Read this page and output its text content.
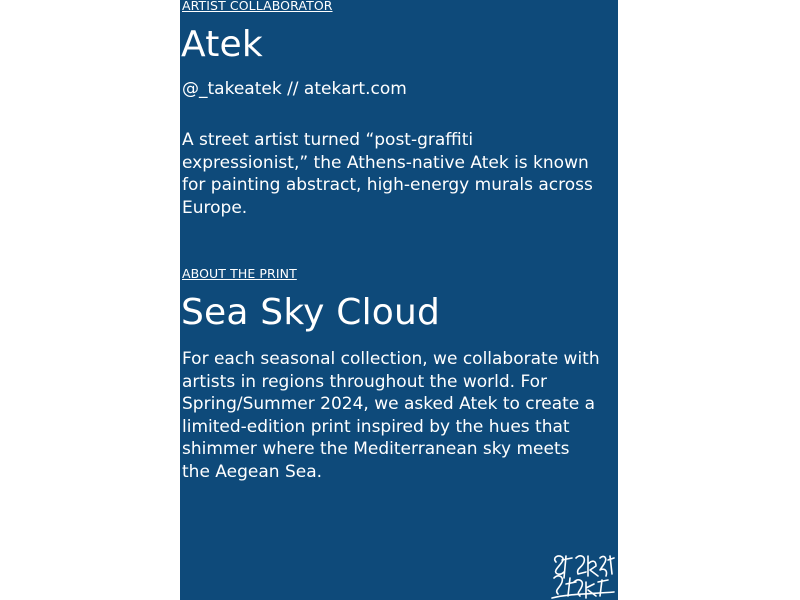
ARTIST COLLABORATOR
Atek
@_takeatek // atekart.com

A street artist turned “post-graffiti expressionist,” the Athens-native Atek is known for painting abstract, high-energy murals across Europe.

ABOUT THE PRINT
Sea Sky Cloud

For each seasonal collection, we collaborate with artists in regions throughout the world. For Spring/Summer 2024, we asked Atek to create a limited-edition print inspired by the hues that shimmer where the Mediterranean sky meets the Aegean Sea.
